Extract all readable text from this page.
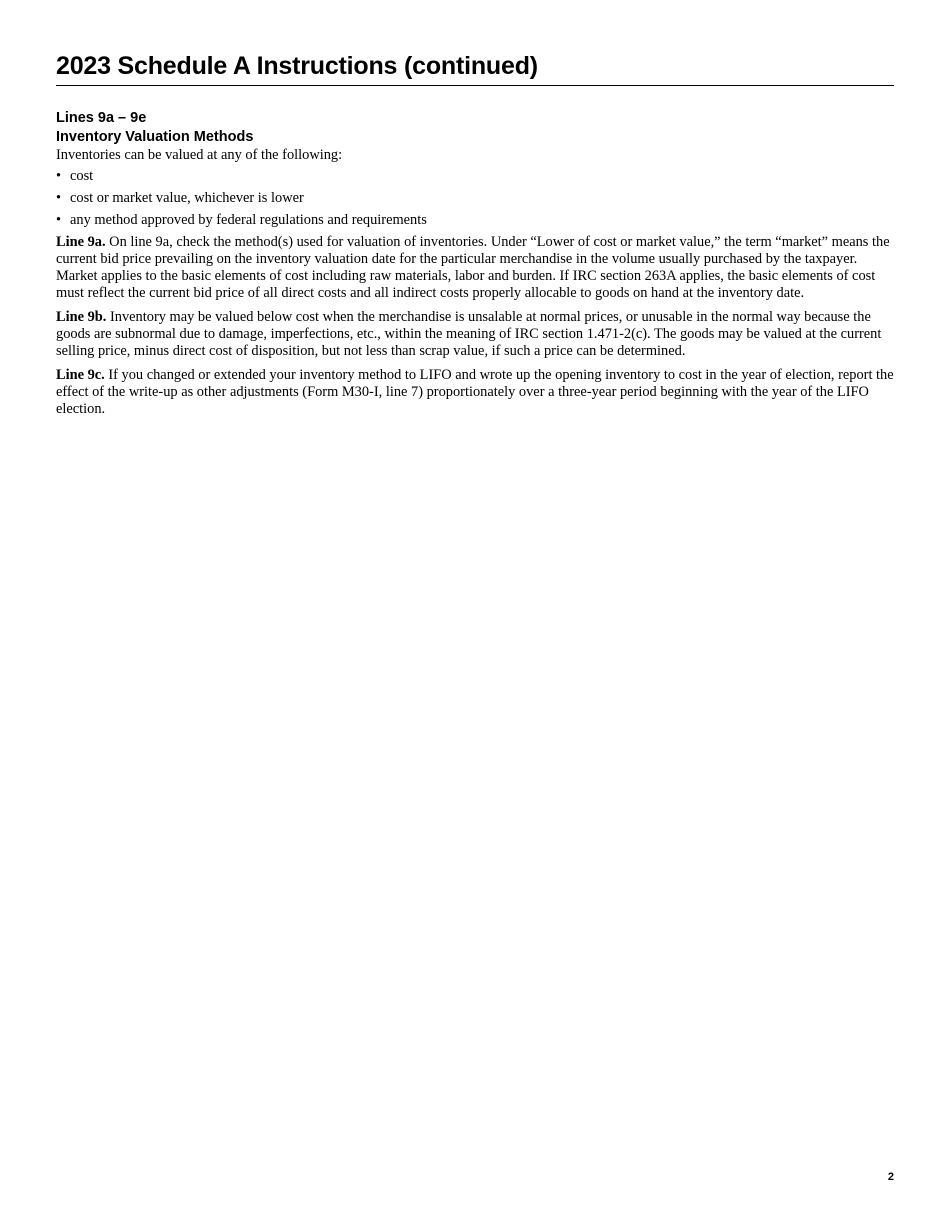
2023 Schedule A Instructions (continued)
Lines 9a – 9e
Inventory Valuation Methods

Inventories can be valued at any of the following:

• cost
• cost or market value, whichever is lower
• any method approved by federal regulations and requirements

Line 9a. On line 9a, check the method(s) used for valuation of inventories. Under “Lower of cost or market value,” the term “market” means the current bid price prevailing on the inventory valuation date for the particular merchandise in the volume usually purchased by the taxpayer. Market applies to the basic elements of cost including raw materials, labor and burden. If IRC section 263A applies, the basic elements of cost must reflect the current bid price of all direct costs and all indirect costs properly allocable to goods on hand at the inventory date.

Line 9b. Inventory may be valued below cost when the merchandise is unsalable at normal prices, or unusable in the normal way because the goods are subnormal due to damage, imperfections, etc., within the meaning of IRC section 1.471-2(c). The goods may be valued at the current selling price, minus direct cost of disposition, but not less than scrap value, if such a price can be determined.

Line 9c. If you changed or extended your inventory method to LIFO and wrote up the opening inventory to cost in the year of election, report the effect of the write-up as other adjustments (Form M30-I, line 7) proportionately over a three-year period beginning with the year of the LIFO election.

2
